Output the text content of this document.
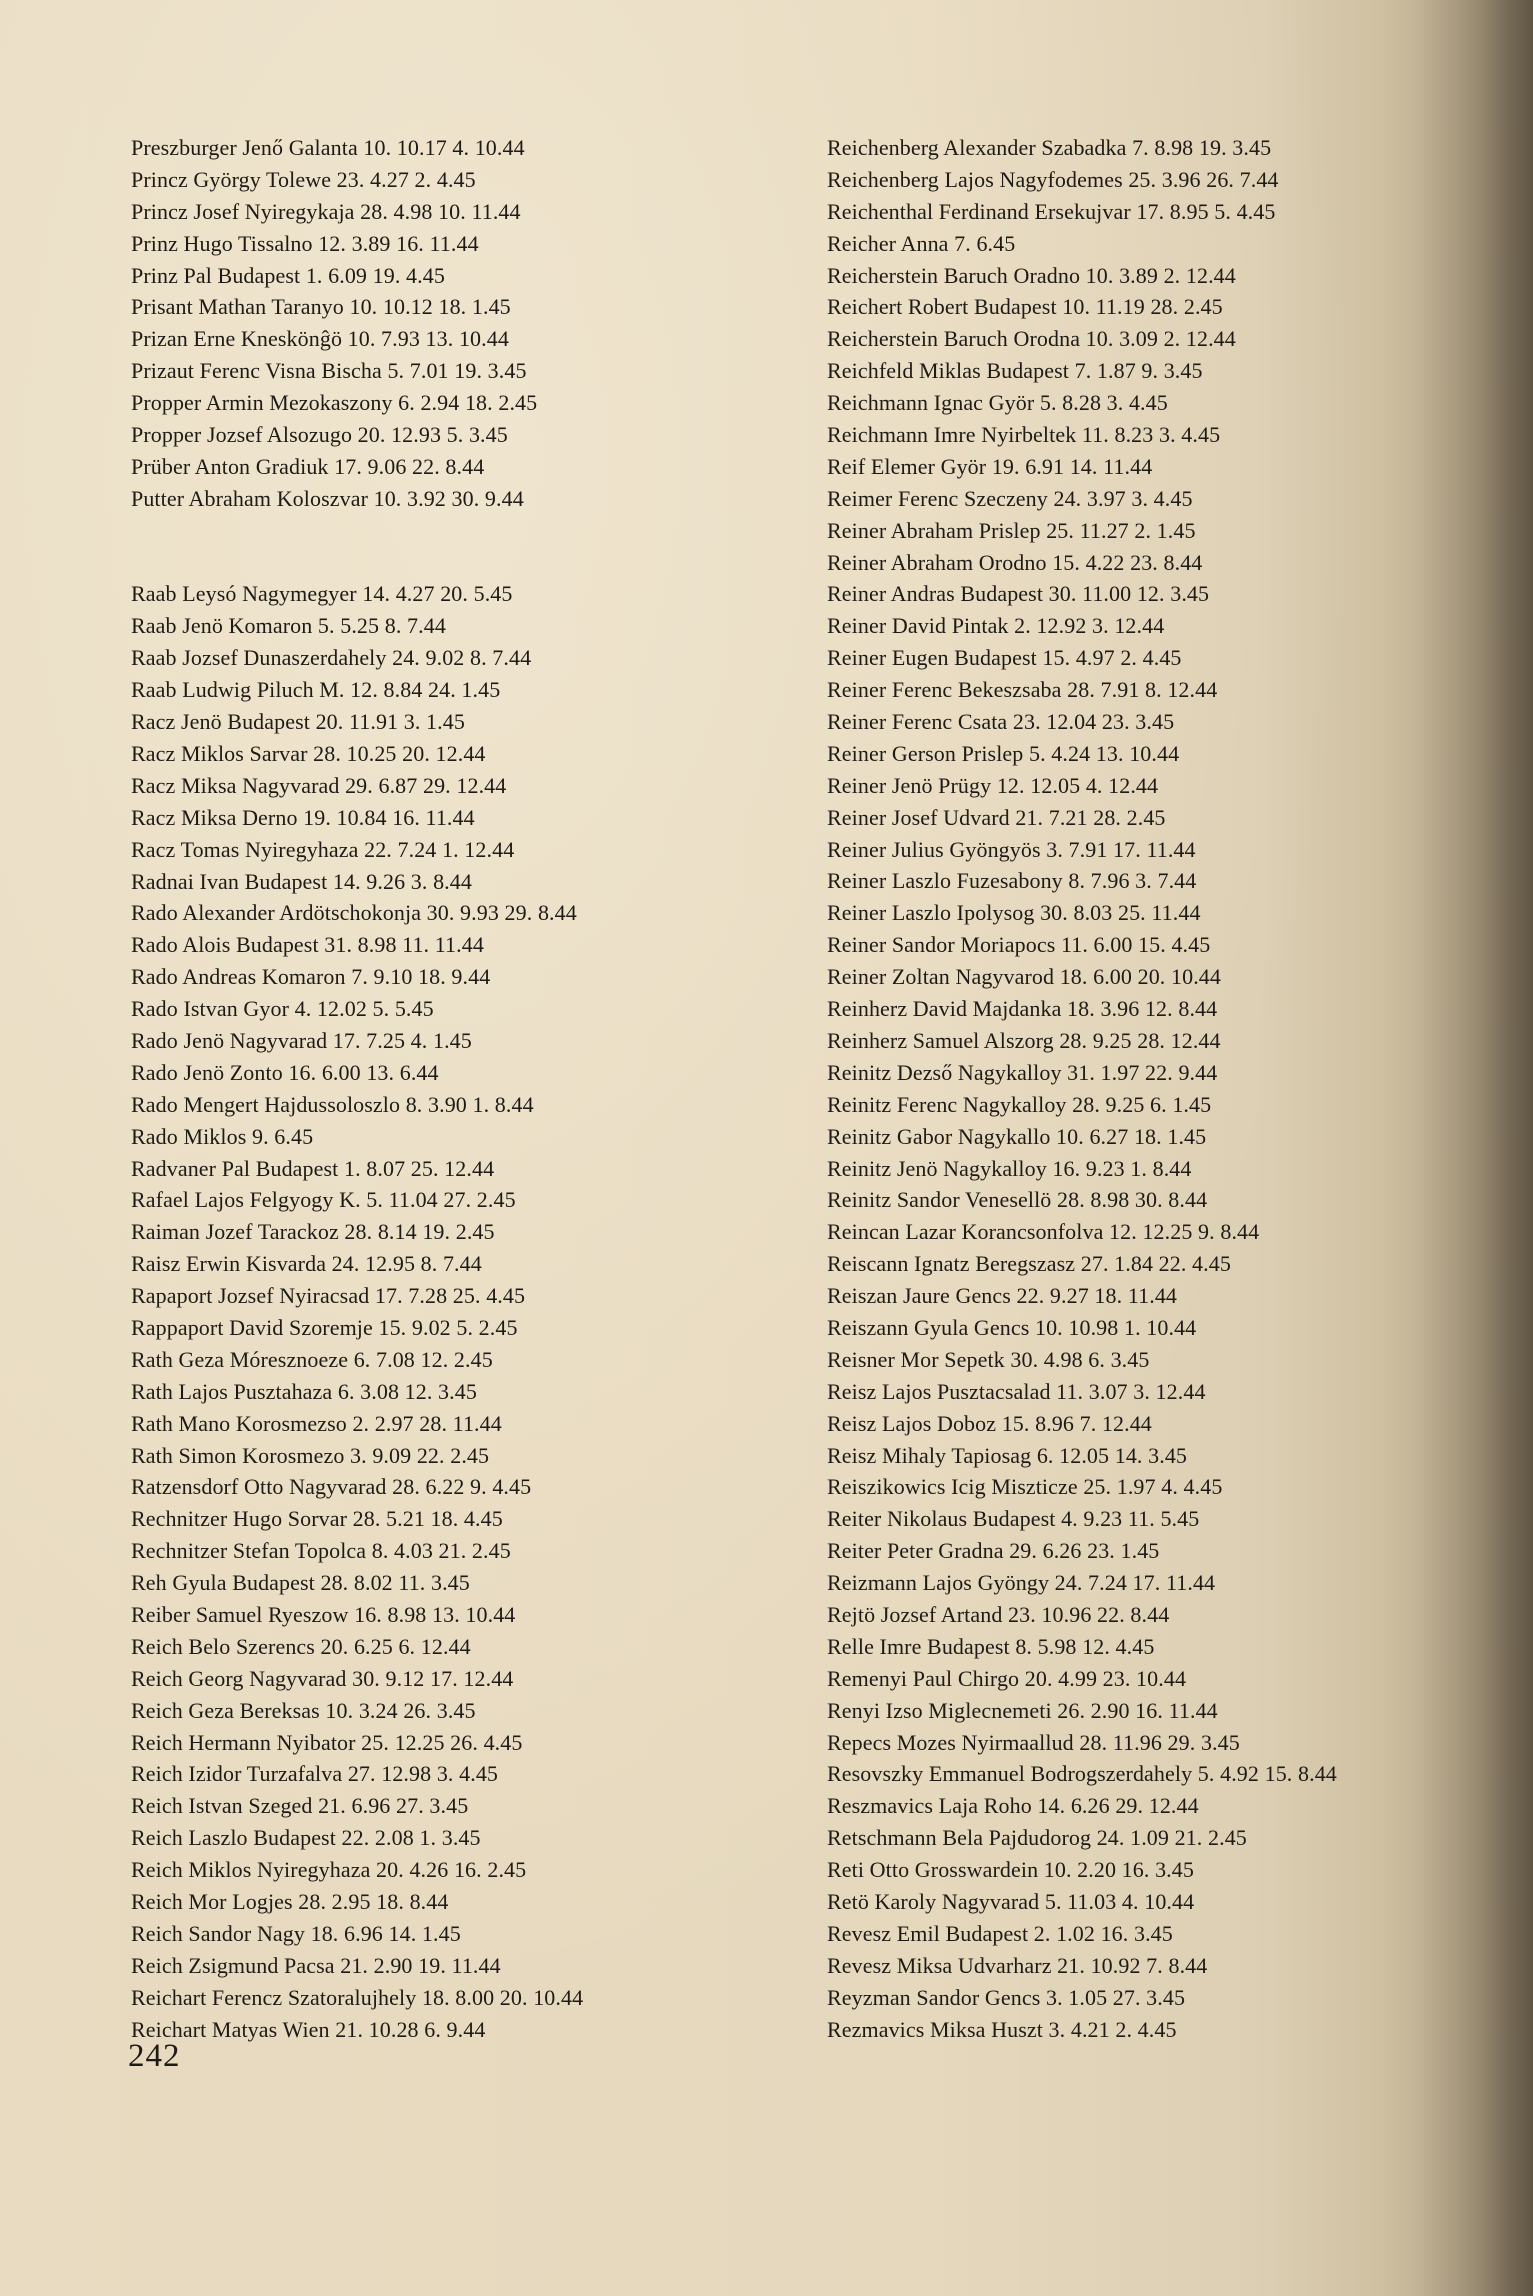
Preszburger Jenő Galanta 10. 10.17 4. 10.44
Princz György Tolewe 23. 4.27 2. 4.45
Princz Josef Nyiregykaja 28. 4.98 10. 11.44
Prinz Hugo Tissalno 12. 3.89 16. 11.44
Prinz Pal Budapest 1. 6.09 19. 4.45
Prisant Mathan Taranyo 10. 10.12 18. 1.45
Prizan Erne Kneskönĝö 10. 7.93 13. 10.44
Prizaut Ferenc Visna Bischa 5. 7.01 19. 3.45
Propper Armin Mezokaszony 6. 2.94 18. 2.45
Propper Jozsef Alsozugo 20. 12.93 5. 3.45
Prüber Anton Gradiuk 17. 9.06 22. 8.44
Putter Abraham Koloszvar 10. 3.92 30. 9.44
Raab Leysó Nagymegyer 14. 4.27 20. 5.45
Raab Jenö Komaron 5. 5.25 8. 7.44
Raab Jozsef Dunaszerdahely 24. 9.02 8. 7.44
Raab Ludwig Piluch M. 12. 8.84 24. 1.45
Racz Jenö Budapest 20. 11.91 3. 1.45
Racz Miklos Sarvar 28. 10.25 20. 12.44
Racz Miksa Nagyvarad 29. 6.87 29. 12.44
Racz Miksa Derno 19. 10.84 16. 11.44
Racz Tomas Nyiregyhaza 22. 7.24 1. 12.44
Radnai Ivan Budapest 14. 9.26 3. 8.44
Rado Alexander Ardötschokonja 30. 9.93 29. 8.44
Rado Alois Budapest 31. 8.98 11. 11.44
Rado Andreas Komaron 7. 9.10 18. 9.44
Rado Istvan Gyor 4. 12.02 5. 5.45
Rado Jenö Nagyvarad 17. 7.25 4. 1.45
Rado Jenö Zonto 16. 6.00 13. 6.44
Rado Mengert Hajdussoloszlo 8. 3.90 1. 8.44
Rado Miklos 9. 6.45
Radvaner Pal Budapest 1. 8.07 25. 12.44
Rafael Lajos Felgyogy K. 5. 11.04 27. 2.45
Raiman Jozef Tarackoz 28. 8.14 19. 2.45
Raisz Erwin Kisvarda 24. 12.95 8. 7.44
Rapaport Jozsef Nyiracsad 17. 7.28 25. 4.45
Rappaport David Szoremje 15. 9.02 5. 2.45
Rath Geza Móresznoeze 6. 7.08 12. 2.45
Rath Lajos Pusztahaza 6. 3.08 12. 3.45
Rath Mano Korosmezso 2. 2.97 28. 11.44
Rath Simon Korosmezo 3. 9.09 22. 2.45
Ratzensdorf Otto Nagyvarad 28. 6.22 9. 4.45
Rechnitzer Hugo Sorvar 28. 5.21 18. 4.45
Rechnitzer Stefan Topolca 8. 4.03 21. 2.45
Reh Gyula Budapest 28. 8.02 11. 3.45
Reiber Samuel Ryeszow 16. 8.98 13. 10.44
Reich Belo Szerencs 20. 6.25 6. 12.44
Reich Georg Nagyvarad 30. 9.12 17. 12.44
Reich Geza Bereksas 10. 3.24 26. 3.45
Reich Hermann Nyibator 25. 12.25 26. 4.45
Reich Izidor Turzafalva 27. 12.98 3. 4.45
Reich Istvan Szeged 21. 6.96 27. 3.45
Reich Laszlo Budapest 22. 2.08 1. 3.45
Reich Miklos Nyiregyhaza 20. 4.26 16. 2.45
Reich Mor Logjes 28. 2.95 18. 8.44
Reich Sandor Nagy 18. 6.96 14. 1.45
Reich Zsigmund Pacsa 21. 2.90 19. 11.44
Reichart Ferencz Szatoralujhely 18. 8.00 20. 10.44
Reichart Matyas Wien 21. 10.28 6. 9.44
Reichenberg Alexander Szabadka 7. 8.98 19. 3.45
Reichenberg Lajos Nagyfodemes 25. 3.96 26. 7.44
Reichenthal Ferdinand Ersekujvar 17. 8.95 5. 4.45
Reicher Anna 7. 6.45
Reicherstein Baruch Oradno 10. 3.89 2. 12.44
Reichert Robert Budapest 10. 11.19 28. 2.45
Reicherstein Baruch Orodna 10. 3.09 2. 12.44
Reichfeld Miklas Budapest 7. 1.87 9. 3.45
Reichmann Ignac Györ 5. 8.28 3. 4.45
Reichmann Imre Nyirbeltek 11. 8.23 3. 4.45
Reif Elemer Györ 19. 6.91 14. 11.44
Reimer Ferenc Szeczeny 24. 3.97 3. 4.45
Reiner Abraham Prislep 25. 11.27 2. 1.45
Reiner Abraham Orodno 15. 4.22 23. 8.44
Reiner Andras Budapest 30. 11.00 12. 3.45
Reiner David Pintak 2. 12.92 3. 12.44
Reiner Eugen Budapest 15. 4.97 2. 4.45
Reiner Ferenc Bekeszsaba 28. 7.91 8. 12.44
Reiner Ferenc Csata 23. 12.04 23. 3.45
Reiner Gerson Prislep 5. 4.24 13. 10.44
Reiner Jenö Prügy 12. 12.05 4. 12.44
Reiner Josef Udvard 21. 7.21 28. 2.45
Reiner Julius Gyöngyös 3. 7.91 17. 11.44
Reiner Laszlo Fuzesabony 8. 7.96 3. 7.44
Reiner Laszlo Ipolysog 30. 8.03 25. 11.44
Reiner Sandor Moriapocs 11. 6.00 15. 4.45
Reiner Zoltan Nagyvarod 18. 6.00 20. 10.44
Reinherz David Majdanka 18. 3.96 12. 8.44
Reinherz Samuel Alszorg 28. 9.25 28. 12.44
Reinitz Dezső Nagykalloy 31. 1.97 22. 9.44
Reinitz Ferenc Nagykalloy 28. 9.25 6. 1.45
Reinitz Gabor Nagykallo 10. 6.27 18. 1.45
Reinitz Jenö Nagykalloy 16. 9.23 1. 8.44
Reinitz Sandor Venesellö 28. 8.98 30. 8.44
Reincan Lazar Korancsonfolva 12. 12.25 9. 8.44
Reiscann Ignatz Beregszasz 27. 1.84 22. 4.45
Reiszan Jaure Gencs 22. 9.27 18. 11.44
Reiszann Gyula Gencs 10. 10.98 1. 10.44
Reisner Mor Sepetk 30. 4.98 6. 3.45
Reisz Lajos Pusztacsalad 11. 3.07 3. 12.44
Reisz Lajos Doboz 15. 8.96 7. 12.44
Reisz Mihaly Tapiosag 6. 12.05 14. 3.45
Reiszikowics Icig Miszticze 25. 1.97 4. 4.45
Reiter Nikolaus Budapest 4. 9.23 11. 5.45
Reiter Peter Gradna 29. 6.26 23. 1.45
Reizmann Lajos Gyöngy 24. 7.24 17. 11.44
Rejtö Jozsef Artand 23. 10.96 22. 8.44
Relle Imre Budapest 8. 5.98 12. 4.45
Remenyi Paul Chirgo 20. 4.99 23. 10.44
Renyi Izso Miglecnemeti 26. 2.90 16. 11.44
Repecs Mozes Nyirmaallud 28. 11.96 29. 3.45
Resovszky Emmanuel Bodrogszerdahely 5. 4.92 15. 8.44
Reszmavics Laja Roho 14. 6.26 29. 12.44
Retschmann Bela Pajdudorog 24. 1.09 21. 2.45
Reti Otto Grosswardein 10. 2.20 16. 3.45
Retö Karoly Nagyvarad 5. 11.03 4. 10.44
Revesz Emil Budapest 2. 1.02 16. 3.45
Revesz Miksa Udvarharz 21. 10.92 7. 8.44
Reyzman Sandor Gencs 3. 1.05 27. 3.45
Rezmavics Miksa Huszt 3. 4.21 2. 4.45
242
